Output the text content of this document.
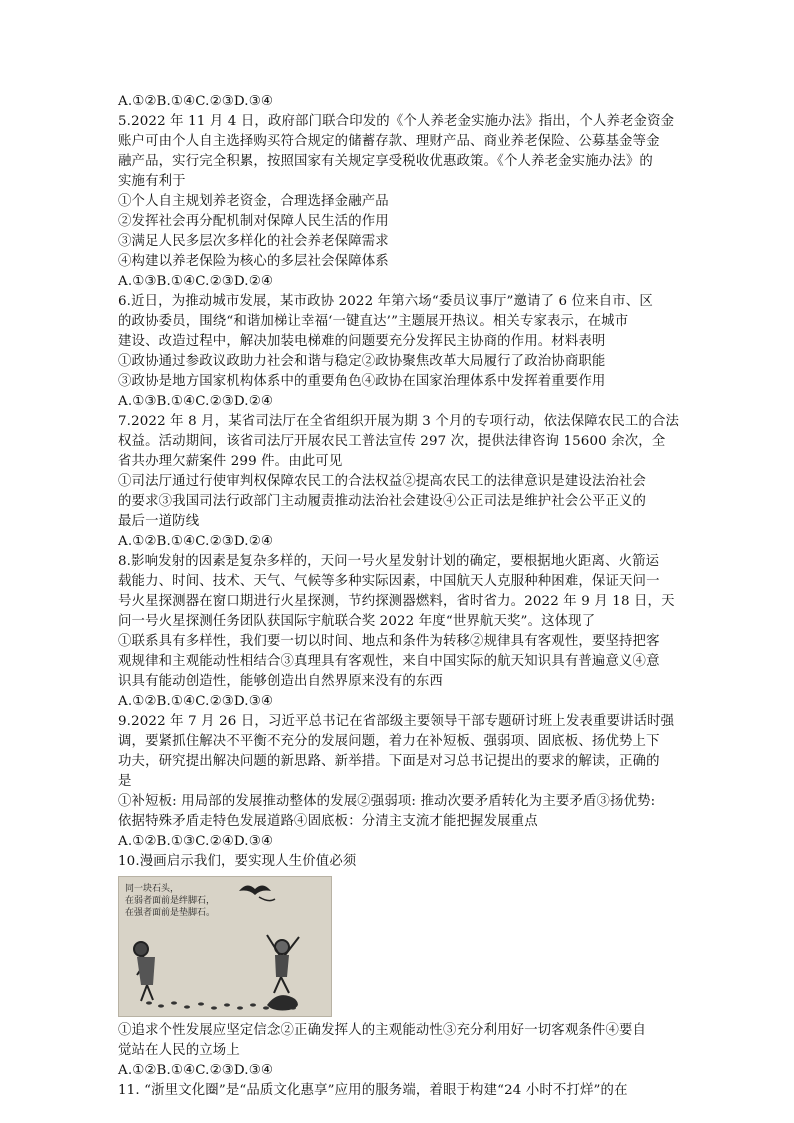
A.①②B.①④C.②③D.③④
5.2022 年 11 月 4 日，政府部门联合印发的《个人养老金实施办法》指出，个人养老金资金
账户可由个人自主选择购买符合规定的储蓄存款、理财产品、商业养老保险、公募基金等金
融产品，实行完全积累，按照国家有关规定享受税收优惠政策。《个人养老金实施办法》的
实施有利于
①个人自主规划养老资金，合理选择金融产品
②发挥社会再分配机制对保障人民生活的作用
③满足人民多层次多样化的社会养老保障需求
④构建以养老保险为核心的多层社会保障体系
A.①③B.①④C.②③D.②④
6.近日，为推动城市发展，某市政协 2022 年第六场“委员议事厅”邀请了 6 位来自市、区
的政协委员，围绕“和谐加梯让幸福‘一键直达’”主题展开热议。相关专家表示，在城市
建设、改造过程中，解决加装电梯难的问题要充分发挥民主协商的作用。材料表明
①政协通过参政议政助力社会和谐与稳定②政协聚焦改革大局履行了政治协商职能
③政协是地方国家机构体系中的重要角色④政协在国家治理体系中发挥着重要作用
A.①③B.①④C.②③D.②④
7.2022 年 8 月，某省司法厅在全省组织开展为期 3 个月的专项行动，依法保障农民工的合法
权益。活动期间，该省司法厅开展农民工普法宣传 297 次，提供法律咨询 15600 余次，全
省共办理欠薪案件 299 件。由此可见
①司法厅通过行使审判权保障农民工的合法权益②提高农民工的法律意识是建设法治社会
的要求③我国司法行政部门主动履责推动法治社会建设④公正司法是维护社会公平正义的
最后一道防线
A.①②B.①④C.②③D.②④
8.影响发射的因素是复杂多样的，天问一号火星发射计划的确定，要根据地火距离、火箭运
载能力、时间、技术、天气、气候等多种实际因素，中国航天人克服种种困难，保证天问一
号火星探测器在窗口期进行火星探测，节约探测器燃料，省时省力。2022 年 9 月 18 日，天
问一号火星探测任务团队获国际宇航联合奖 2022 年度“世界航天奖”。这体现了
①联系具有多样性，我们要一切以时间、地点和条件为转移②规律具有客观性，要坚持把客
观规律和主观能动性相结合③真理具有客观性，来自中国实际的航天知识具有普遍意义④意
识具有能动创造性，能够创造出自然界原来没有的东西
A.①②B.①④C.②③D.③④
9.2022 年 7 月 26 日，习近平总书记在省部级主要领导干部专题研讨班上发表重要讲话时强
调，要紧抓住解决不平衡不充分的发展问题，着力在补短板、强弱项、固底板、扬优势上下
功夫，研究提出解决问题的新思路、新举措。下面是对习总书记提出的要求的解读，正确的
是
①补短板: 用局部的发展推动整体的发展②强弱项: 推动次要矛盾转化为主要矛盾③扬优势:
依据特殊矛盾走特色发展道路④固底板：分清主支流才能把握发展重点
A.①②B.①③C.②④D.③④
10.漫画启示我们，要实现人生价值必须
同一块石头，
在弱者面前是绊脚石，
在强者面前是垫脚石。
①追求个性发展应坚定信念②正确发挥人的主观能动性③充分利用好一切客观条件④要自
觉站在人民的立场上
A.①②B.①④C.②③D.③④
11. “浙里文化圈”是“品质文化惠享”应用的服务端，着眼于构建“24 小时不打烊”的在
